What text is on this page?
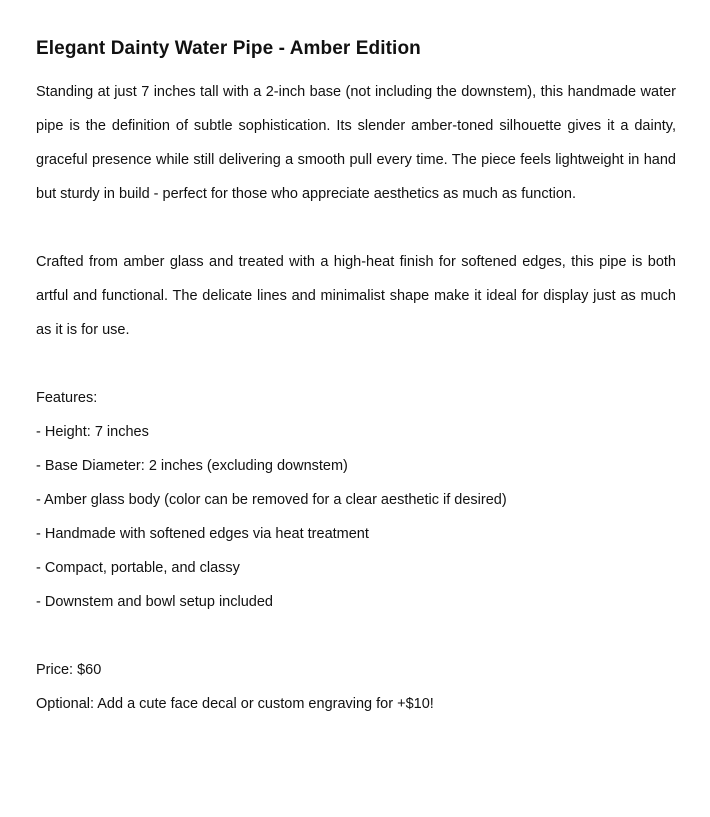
Elegant Dainty Water Pipe - Amber Edition

Standing at just 7 inches tall with a 2-inch base (not including the downstem), this handmade water pipe is the definition of subtle sophistication. Its slender amber-toned silhouette gives it a dainty, graceful presence while still delivering a smooth pull every time. The piece feels lightweight in hand but sturdy in build - perfect for those who appreciate aesthetics as much as function.

Crafted from amber glass and treated with a high-heat finish for softened edges, this pipe is both artful and functional. The delicate lines and minimalist shape make it ideal for display just as much as it is for use.

Features:

- Height: 7 inches
- Base Diameter: 2 inches (excluding downstem)
- Amber glass body (color can be removed for a clear aesthetic if desired)
- Handmade with softened edges via heat treatment
- Compact, portable, and classy
- Downstem and bowl setup included

Price: $60

Optional: Add a cute face decal or custom engraving for +$10!
